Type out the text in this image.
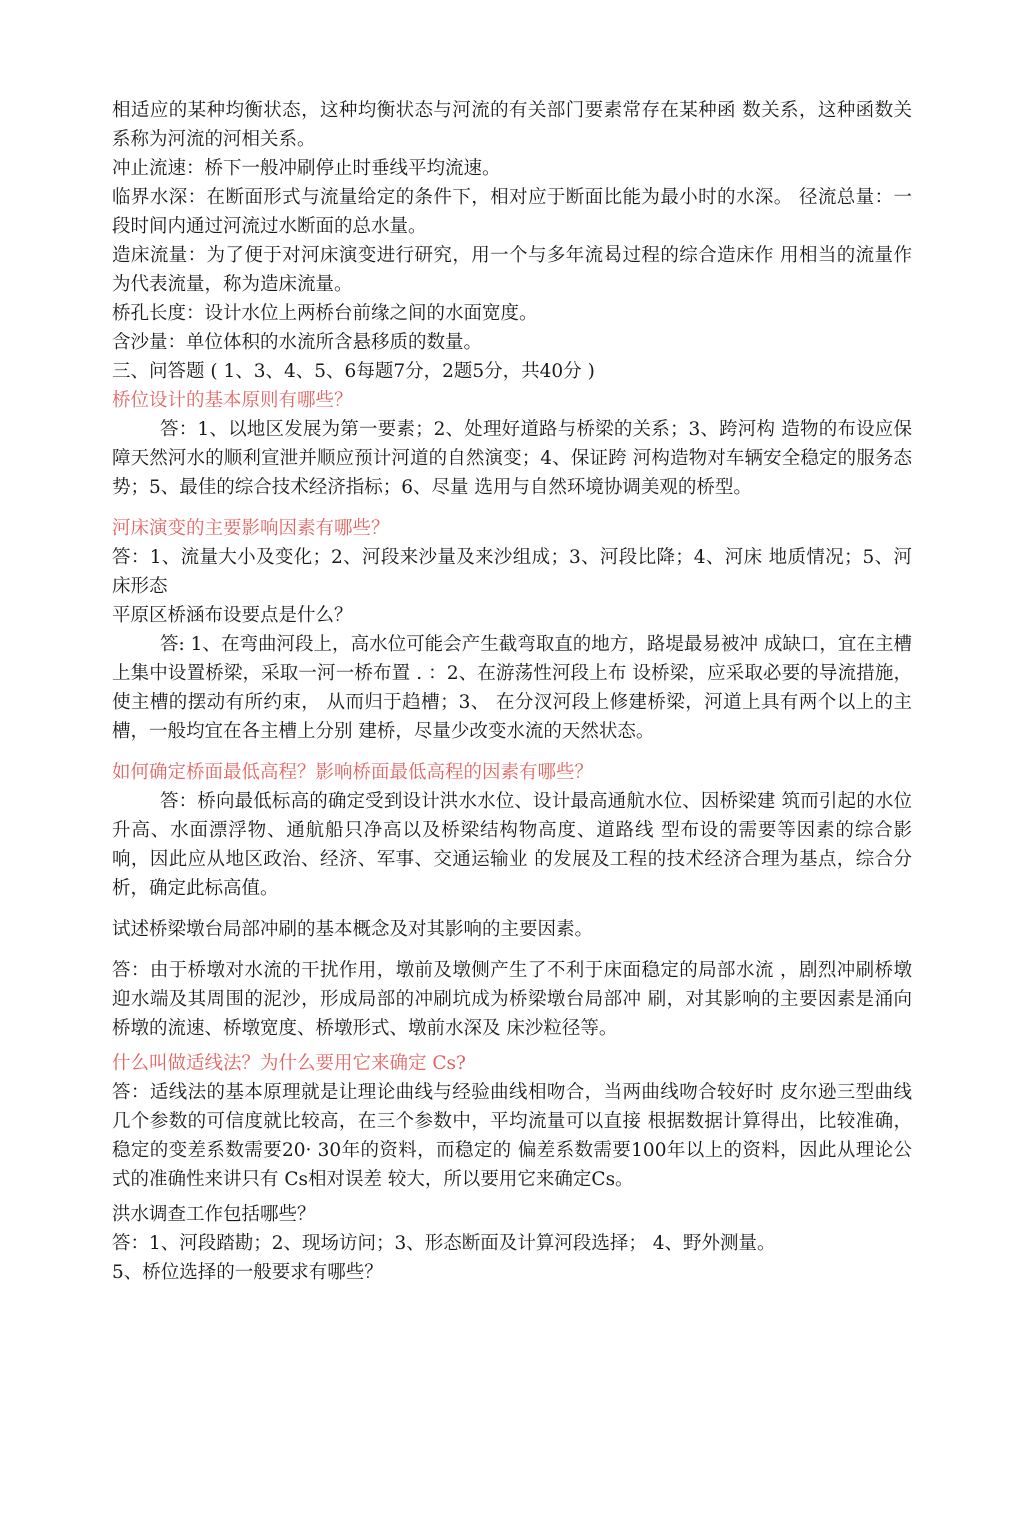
相适应的某种均衡状态，这种均衡状态与河流的有关部门要素常存在某种函 数关系，这种函数关系称为河流的河相关系。

冲止流速：桥下一般冲刷停止时垂线平均流速。

临界水深：在断面形式与流量给定的条件下，相对应于断面比能为最小时的水深。 径流总量：一段时间内通过河流过水断面的总水量。

造床流量：为了便于对河床演变进行研究，用一个与多年流曷过程的综合造床作 用相当的流量作为代表流量，称为造床流量。

桥孔长度：设计水位上两桥台前缘之间的水面宽度。

含沙量：单位体积的水流所含悬移质的数量。

三、问答题 ( 1、3、4、5、6每题7分，2题5分，共40分 )

桥位设计的基本原则有哪些？

答：1、以地区发展为第一要素；2、处理好道路与桥梁的关系；3、跨河构 造物的布设应保障天然河水的顺利宣泄并顺应预计河道的自然演变；4、保证跨 河构造物对车辆安全稳定的服务态势；5、最佳的综合技术经济指标；6、尽量 选用与自然环境协调美观的桥型。

河床演变的主要影响因素有哪些？

答：1、流量大小及变化；2、河段来沙量及来沙组成；3、河段比降；4、河床 地质情况；5、河床形态

平原区桥涵布设要点是什么？

答: 1、在弯曲河段上，高水位可能会产生截弯取直的地方，路堤最易被冲 成缺口，宜在主槽上集中设置桥梁，采取一河一桥布置 . ：2、在游荡性河段上布 设桥梁，应采取必要的导流措施，使主槽的摆动有所约束， 从而归于趋槽；3、 在分汊河段上修建桥梁，河道上具有两个以上的主槽，一般均宜在各主槽上分别 建桥，尽量少改变水流的天然状态。

如何确定桥面最低高程？影响桥面最低高程的因素有哪些？

答：桥向最低标高的确定受到设计洪水水位、设计最高通航水位、因桥梁建 筑而引起的水位升高、水面漂浮物、通航船只净高以及桥梁结构物高度、道路线 型布设的需要等因素的综合影响，因此应从地区政治、经济、军事、交通运输业 的发展及工程的技术经济合理为基点，综合分析，确定此标高值。

试述桥梁墩台局部冲刷的基本概念及对其影响的主要因素。

答：由于桥墩对水流的干扰作用，墩前及墩侧产生了不利于床面稳定的局部水流 ，剧烈冲刷桥墩迎水端及其周围的泥沙，形成局部的冲刷坑成为桥梁墩台局部冲 刷，对其影响的主要因素是涌向桥墩的流速、桥墩宽度、桥墩形式、墩前水深及 床沙粒径等。

什么叫做适线法？为什么要用它来确定 Cs?

答：适线法的基本原理就是让理论曲线与经验曲线相吻合，当两曲线吻合较好时 皮尔逊三型曲线几个参数的可信度就比较高，在三个参数中，平均流量可以直接 根据数据计算得出，比较准确，稳定的变差系数需要20· 30年的资料，而稳定的 偏差系数需要100年以上的资料，因此从理论公式的准确性来讲只有 Cs相对误差 较大，所以要用它来确定Cs。

洪水调查工作包括哪些？

答：1、河段踏勘；2、现场访问；3、形态断面及计算河段选择； 4、野外测量。

5、桥位选择的一般要求有哪些？
